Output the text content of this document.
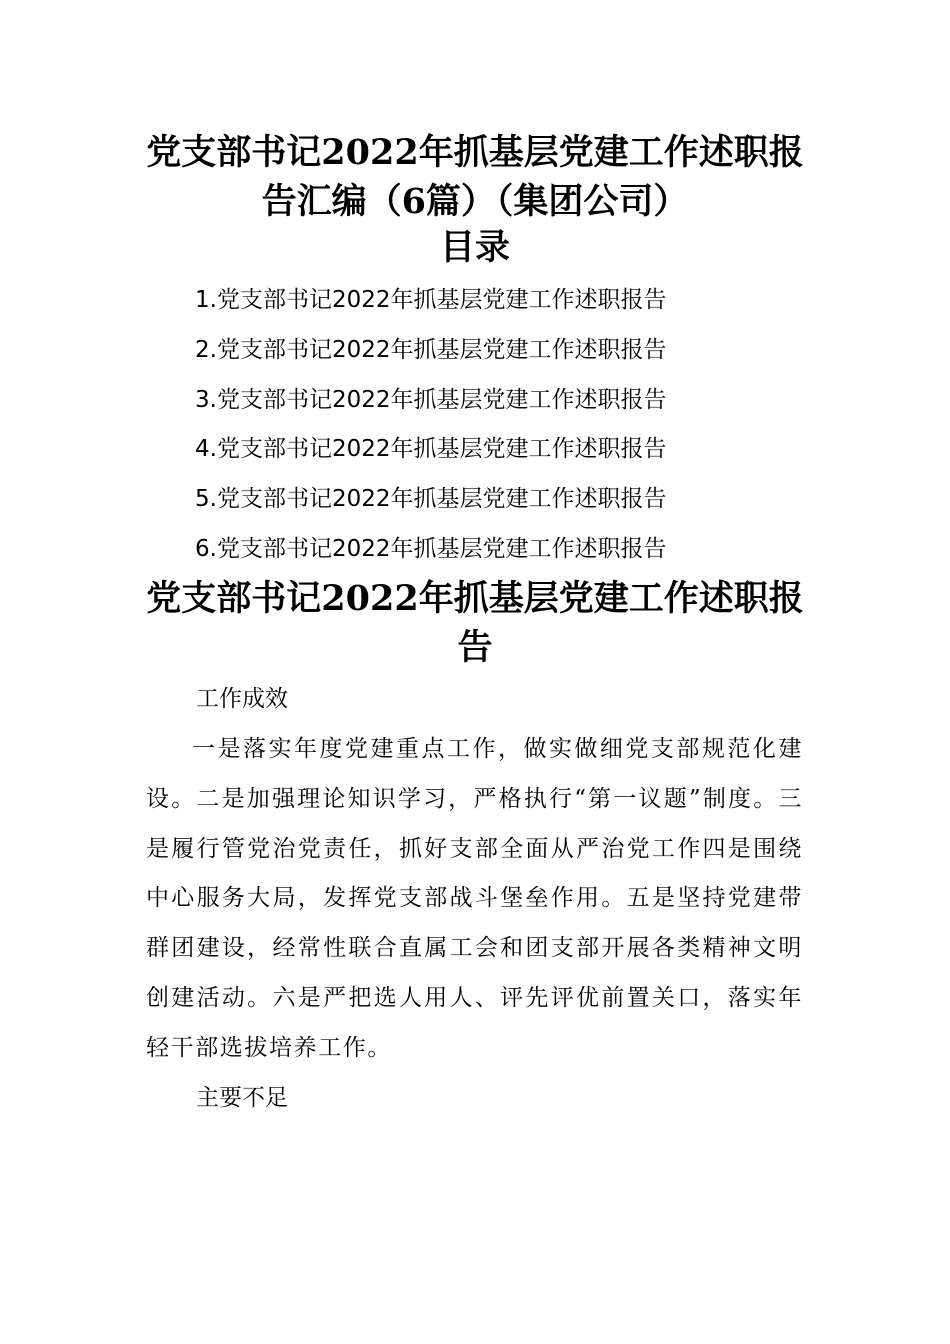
党支部书记2022年抓基层党建工作述职报告汇编（6篇）（集团公司）
目录
1.党支部书记2022年抓基层党建工作述职报告
2.党支部书记2022年抓基层党建工作述职报告
3.党支部书记2022年抓基层党建工作述职报告
4.党支部书记2022年抓基层党建工作述职报告
5.党支部书记2022年抓基层党建工作述职报告
6.党支部书记2022年抓基层党建工作述职报告
党支部书记2022年抓基层党建工作述职报告
工作成效

一是落实年度党建重点工作，做实做细党支部规范化建设。二是加强理论知识学习，严格执行“第一议题”制度。三是履行管党治党责任，抓好支部全面从严治党工作四是围绕中心服务大局，发挥党支部战斗堡垒作用。五是坚持党建带群团建设，经常性联合直属工会和团支部开展各类精神文明创建活动。六是严把选人用人、评先评优前置关口，落实年轻干部选拔培养工作。

主要不足
